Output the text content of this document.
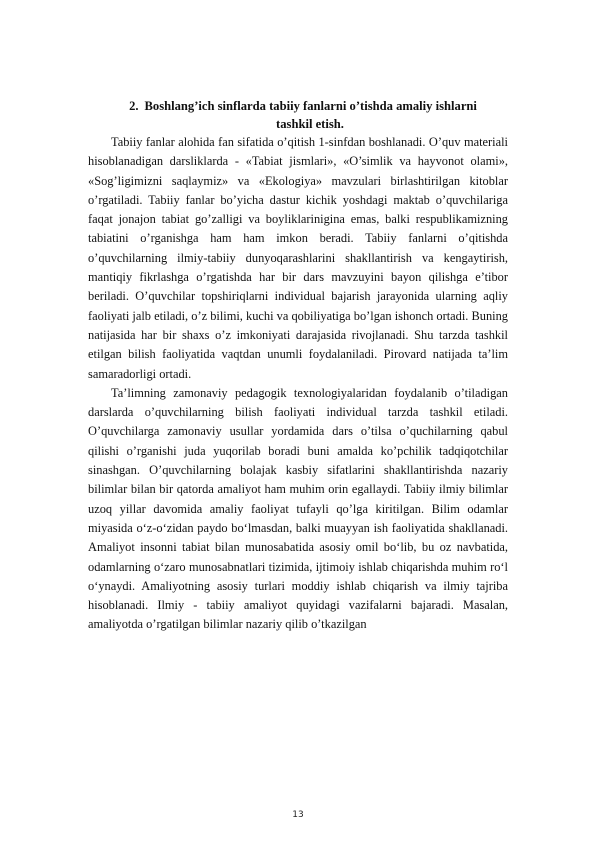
2. Boshlang’ich sinflarda tabiiy fanlarni o’tishda amaliy ishlarni
tashkil etish.

Tabiiy fanlar alohida fan sifatida o’qitish 1-sinfdan boshlanadi. O’quv materiali hisoblanadigan darsliklarda - «Tabiat jismlari», «O’simlik va hayvonot olami», «Sog’ligimizni saqlaymiz» va «Ekologiya» mavzulari birlashtirilgan kitoblar o’rgatiladi. Tabiiy fanlar bo’yicha dastur kichik yoshdagi maktab o’quvchilariga faqat jonajon tabiat go’zalligi va boyliklarinigina emas, balki respublikamizning tabiatini o’rganishga ham ham imkon beradi. Tabiiy fanlarni o’qitishda o’quvchilarning ilmiy-tabiiy dunyoqarashlarini shakllantirish va kengaytirish, mantiqiy fikrlashga o’rgatishda har bir dars mavzuyini bayon qilishga e’tibor beriladi. O’quvchilar topshiriqlarni individual bajarish jarayonida ularning aqliy faoliyati jalb etiladi, o’z bilimi, kuchi va qobiliyatiga bo’lgan ishonch ortadi. Buning natijasida har bir shaxs o’z imkoniyati darajasida rivojlanadi. Shu tarzda tashkil etilgan bilish faoliyatida vaqtdan unumli foydalaniladi. Pirovard natijada ta’lim samaradorligi ortadi.

Ta’limning zamonaviy pedagogik texnologiyalaridan foydalanib o’tiladigan darslarda o’quvchilarning bilish faoliyati individual tarzda tashkil etiladi. O’quvchilarga zamonaviy usullar yordamida dars o’tilsa o’quchilarning qabul qilishi o’rganishi juda yuqorilab boradi buni amalda ko’pchilik tadqiqotchilar sinashgan. O’quvchilarning bolajak kasbiy sifatlarini shakllantirishda nazariy bilimlar bilan bir qatorda amaliyot ham muhim orin egallaydi. Tabiiy ilmiy bilimlar uzoq yillar davomida amaliy faoliyat tufayli qo’lga kiritilgan. Bilim odamlar miyasida o‘z-o‘zidan paydo bo‘lmasdan, balki muayyan ish faoliyatida shakllanadi. Amaliyot insonni tabiat bilan munosabatida asosiy omil bo‘lib, bu oz navbatida, odamlarning o‘zaro munosabnatlari tizimida, ijtimoiy ishlab chiqarishda muhim ro‘l o‘ynaydi. Amaliyotning asosiy turlari moddiy ishlab chiqarish va ilmiy tajriba hisoblanadi. Ilmiy - tabiiy amaliyot quyidagi vazifalarni bajaradi. Masalan, amaliyotda o’rgatilgan bilimlar nazariy qilib o’tkazilgan

13
